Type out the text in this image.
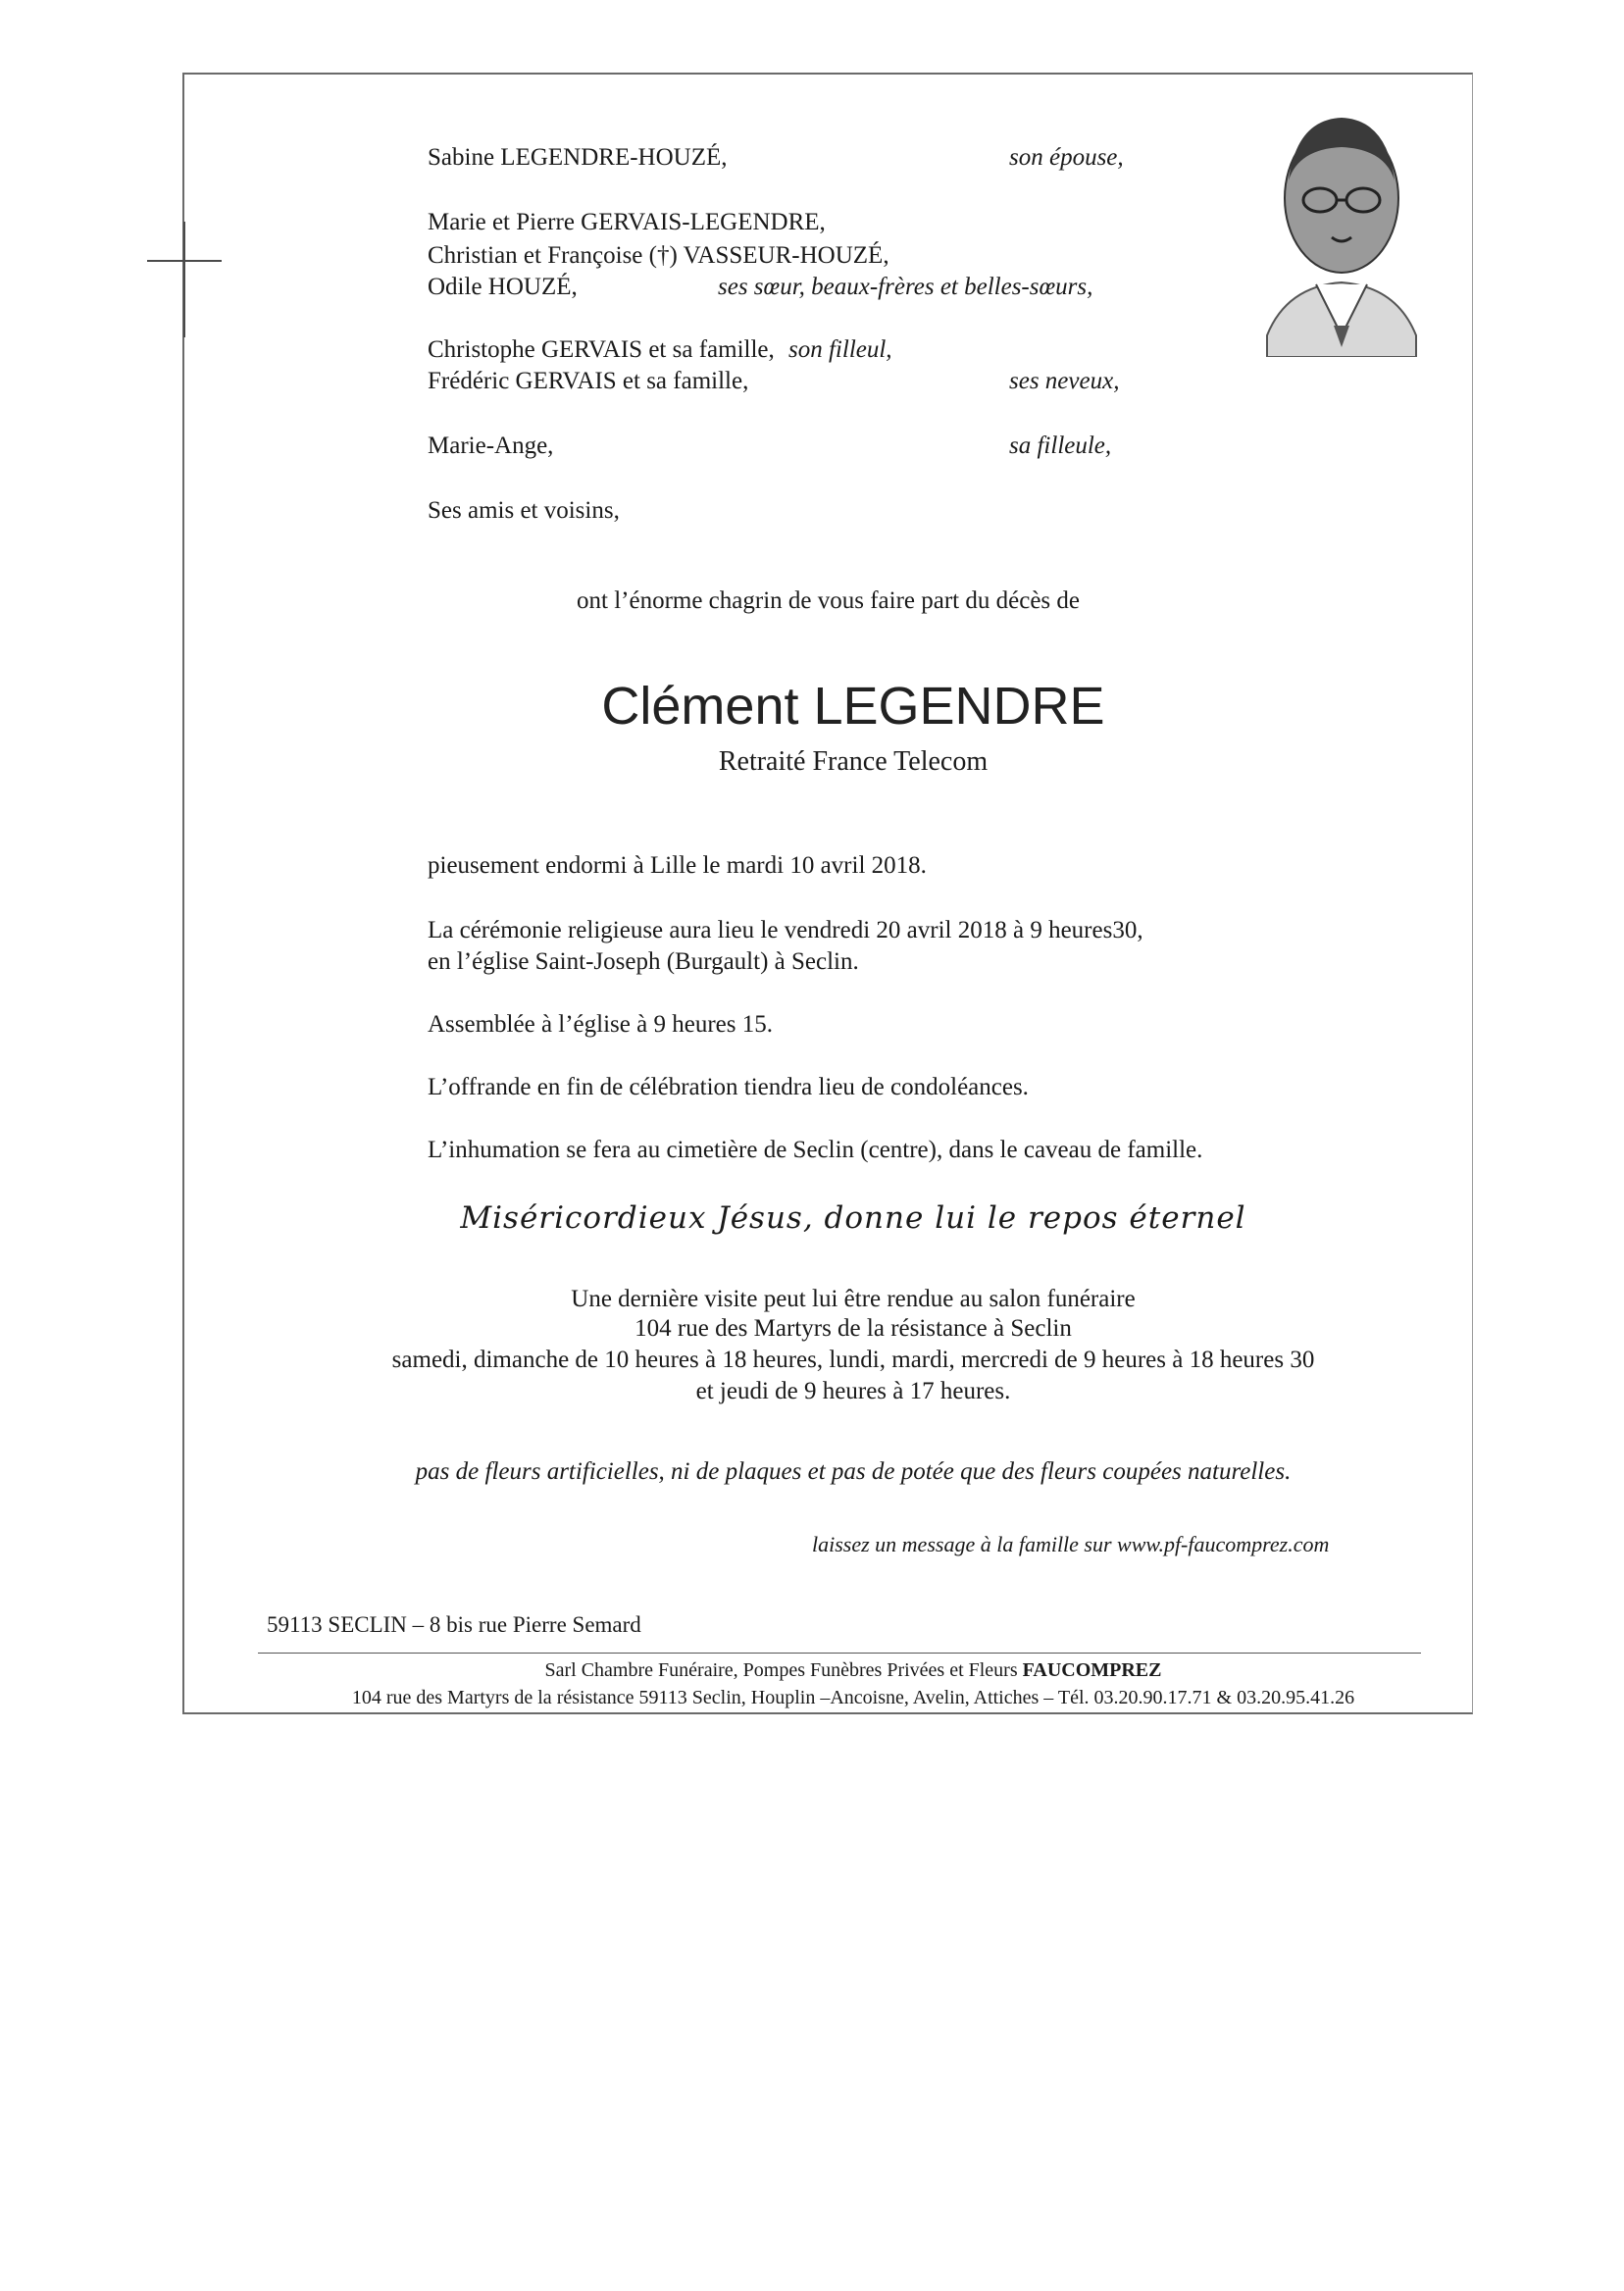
Sabine LEGENDRE-HOUZÉ,	son épouse,
Marie et Pierre GERVAIS-LEGENDRE,
Christian et Françoise (†) VASSEUR-HOUZÉ,
Odile HOUZÉ,	ses sœur, beaux-frères et belles-sœurs,
Christophe GERVAIS et sa famille, son filleul,
Frédéric GERVAIS et sa famille,	ses neveux,
Marie-Ange,	sa filleule,
Ses amis et voisins,
ont l’énorme chagrin de vous faire part du décès de
Clément LEGENDRE
Retraité France Telecom
pieusement endormi à Lille le mardi 10 avril 2018.
La cérémonie religieuse aura lieu le vendredi 20 avril 2018 à 9 heures30,
en l’église Saint-Joseph (Burgault) à Seclin.
Assemblée à l’église à 9 heures 15.
L’offrande en fin de célébration tiendra lieu de condoléances.
L’inhumation se fera au cimetière de Seclin (centre), dans le caveau de famille.
Miséricordieux Jésus, donne lui le repos éternel
Une dernière visite peut lui être rendue au salon funéraire
104 rue des Martyrs de la résistance à Seclin
samedi, dimanche de 10 heures à 18 heures, lundi, mardi, mercredi de 9 heures à 18 heures 30
et jeudi de 9 heures à 17 heures.
pas de fleurs artificielles, ni de plaques et pas de potée que des fleurs coupées naturelles.
laissez un message à la famille sur www.pf-faucomprez.com
59113 SECLIN – 8 bis rue Pierre Semard
Sarl Chambre Funéraire, Pompes Funèbres Privées et Fleurs FAUCOMPREZ
104 rue des Martyrs de la résistance 59113 Seclin, Houplin –Ancoisne, Avelin, Attiches – Tél. 03.20.90.17.71 & 03.20.95.41.26
